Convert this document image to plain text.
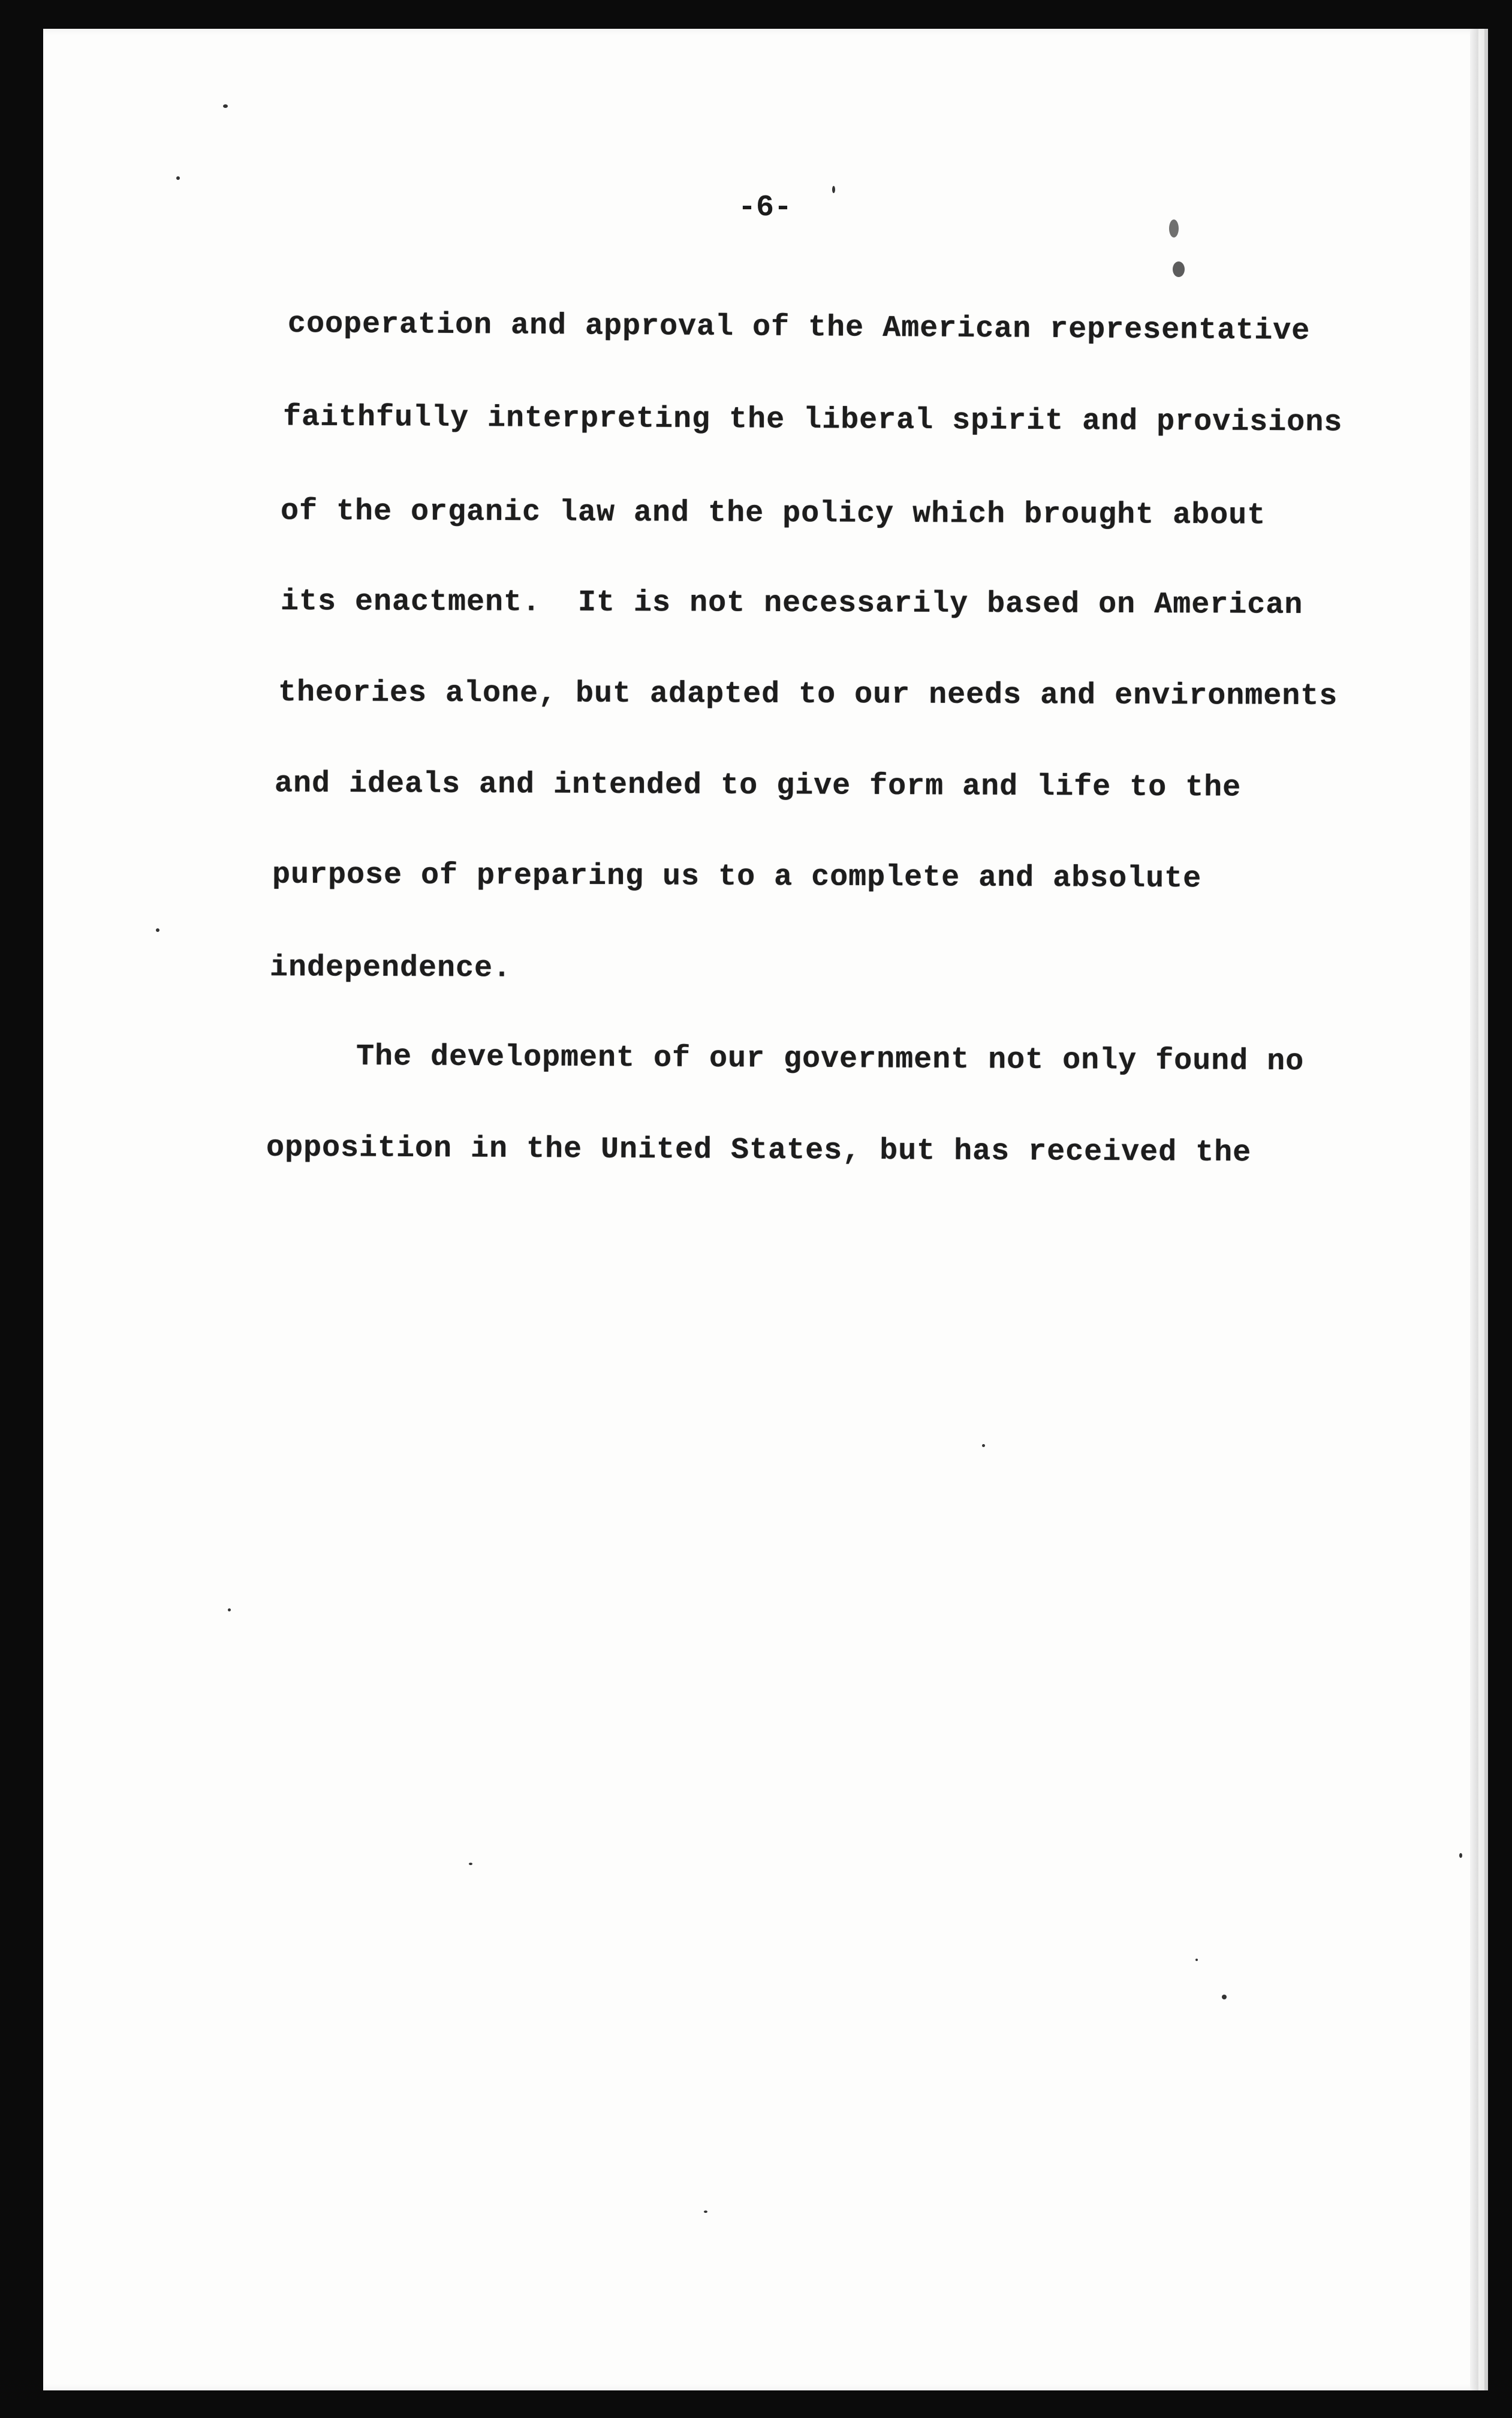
-6-
cooperation and approval of the American representative
faithfully interpreting the liberal spirit and provisions
of the organic law and the policy which brought about
its enactment.  It is not necessarily based on American
theories alone, but adapted to our needs and environments
and ideals and intended to give form and life to the
purpose of preparing us to a complete and absolute
independence.
The development of our government not only found no
opposition in the United States, but has received the
